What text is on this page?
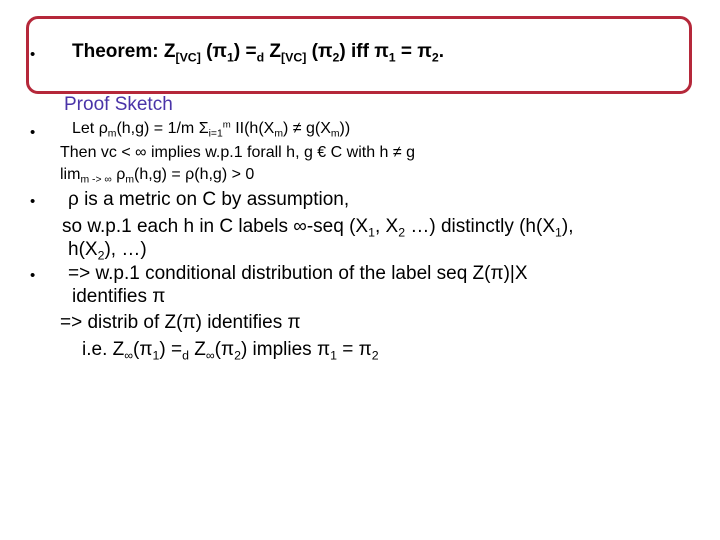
• Theorem: $Z_{[VC]}$ $(\pi_1) =_d$ $Z_{[VC]}$ $(\pi_2)$ iff $\pi_1 = \pi_2$.
Proof Sketch
• Let $\rho_m(h,g) = 1/m$ $\Sigma_{i=1}^m$ $II(h(X_m) \ne g(X_m))$
Then vc < ∞ implies w.p.1 forall h, g € C with h ≠ g
$\lim_{m -> \infty} \rho_m(h,g) = \rho(h,g) > 0$
• ρ is a metric on C by assumption,
so w.p.1 each h in C labels ∞-seq ($X_1$, $X_2$ …) distinctly ($h(X_1)$,
$h(X_2)$, …)
• => w.p.1 conditional distribution of the label seq Z(π)|X
identifies π
=> distrib of Z(π) identifies π
i.e. $Z_\infty(\pi_1) =_d$ $Z_\infty(\pi_2)$ implies $\pi_1 = \pi_2$
